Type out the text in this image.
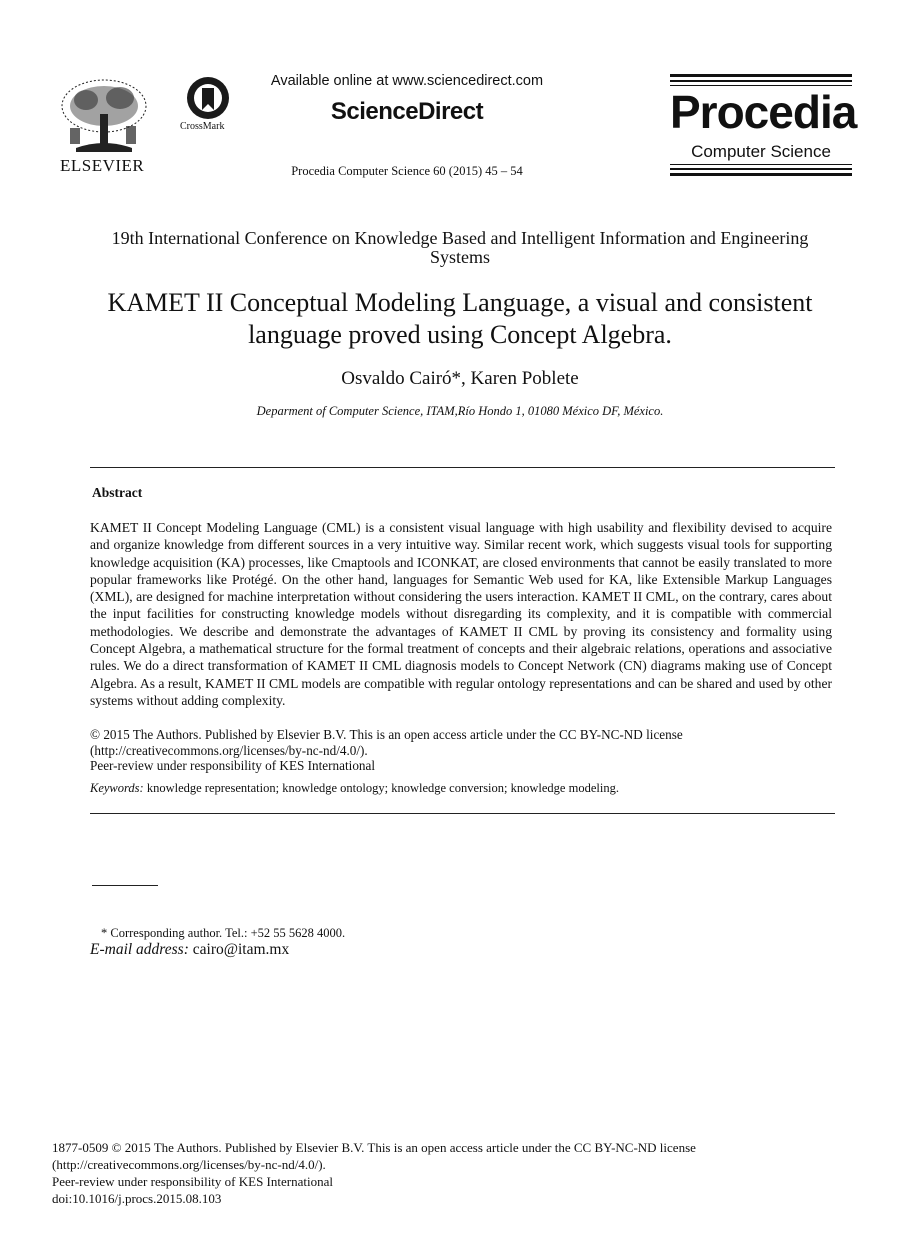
ELSEVIER
CrossMark
Available online at www.sciencedirect.com
ScienceDirect
Procedia Computer Science 60 (2015) 45 – 54
Procedia
Computer Science
19th International Conference on Knowledge Based and Intelligent Information and Engineering Systems
KAMET II Conceptual Modeling Language, a visual and consistent language proved using Concept Algebra.
Osvaldo Cairó*, Karen Poblete
Deparment of Computer Science, ITAM,Río Hondo 1, 01080 México DF, México.
Abstract
KAMET II Concept Modeling Language (CML) is a consistent visual language with high usability and flexibility devised to acquire and organize knowledge from different sources in a very intuitive way. Similar recent work, which suggests visual tools for supporting knowledge acquisition (KA) processes, like Cmaptools and ICONKAT, are closed environments that cannot be easily translated to more popular frameworks like Protégé. On the other hand, languages for Semantic Web used for KA, like Extensible Markup Languages (XML), are designed for machine interpretation without considering the users interaction. KAMET II CML, on the contrary, cares about the input facilities for constructing knowledge models without disregarding its complexity, and it is compatible with commercial methodologies. We describe and demonstrate the advantages of KAMET II CML by proving its consistency and formality using Concept Algebra, a mathematical structure for the formal treatment of concepts and their algebraic relations, operations and associative rules. We do a direct transformation of KAMET II CML diagnosis models to Concept Network (CN) diagrams making use of Concept Algebra. As a result, KAMET II CML models are compatible with regular ontology representations and can be shared and used by other systems without adding complexity.
© 2015 The Authors. Published by Elsevier B.V. This is an open access article under the CC BY-NC-ND license
(http://creativecommons.org/licenses/by-nc-nd/4.0/).
Peer-review under responsibility of KES International
Keywords: knowledge representation; knowledge ontology; knowledge conversion; knowledge modeling.
* Corresponding author. Tel.: +52 55 5628 4000.
E-mail address: cairo@itam.mx
1877-0509 © 2015 The Authors. Published by Elsevier B.V. This is an open access article under the CC BY-NC-ND license
(http://creativecommons.org/licenses/by-nc-nd/4.0/).
Peer-review under responsibility of KES International
doi:10.1016/j.procs.2015.08.103
